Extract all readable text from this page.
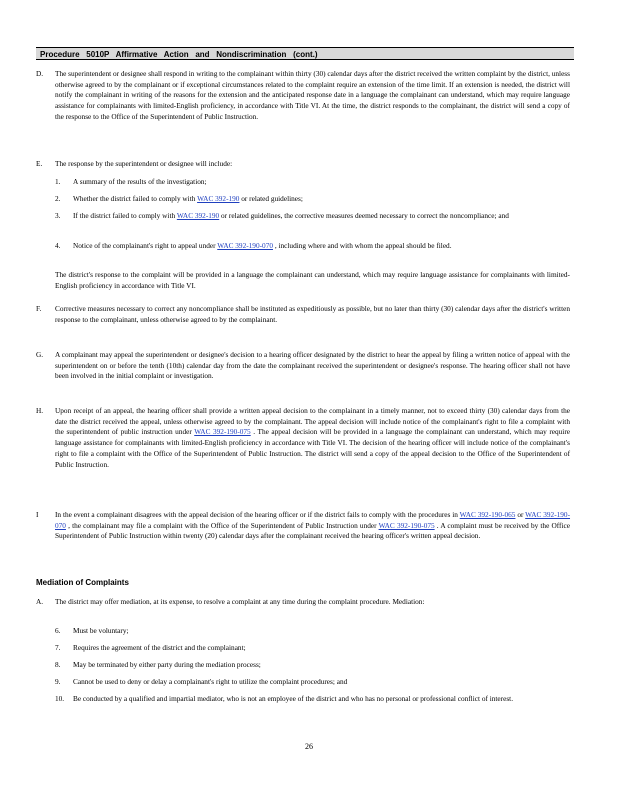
Procedure   5010P   Affirmative   Action   and   Nondiscrimination   (cont.)
D. The superintendent or designee shall respond in writing to the complainant within thirty (30) calendar days after the district received the written complaint by the district, unless otherwise agreed to by the complainant or if exceptional circumstances related to the complaint require an extension of the time limit. If an extension is needed, the district will notify the complainant in writing of the reasons for the extension and the anticipated response date in a language the complainant can understand, which may require language assistance for complainants with limited-English proficiency, in accordance with Title VI. At the time, the district responds to the complainant, the district will send a copy of the response to the Office of the Superintendent of Public Instruction.
E. The response by the superintendent or designee will include:
1. A summary of the results of the investigation;
2. Whether the district failed to comply with WAC 392-190 or related guidelines;
3. If the district failed to comply with WAC 392-190 or related guidelines, the corrective measures deemed necessary to correct the noncompliance; and
4. Notice of the complainant's right to appeal under WAC 392-190-070 , including where and with whom the appeal should be filed.
The district's response to the complaint will be provided in a language the complainant can understand, which may require language assistance for complainants with limited-English proficiency in accordance with Title VI.
F. Corrective measures necessary to correct any noncompliance shall be instituted as expeditiously as possible, but no later than thirty (30) calendar days after the district's written response to the complainant, unless otherwise agreed to by the complainant.
G. A complainant may appeal the superintendent or designee's decision to a hearing officer designated by the district to hear the appeal by filing a written notice of appeal with the superintendent on or before the tenth (10th) calendar day from the date the complainant received the superintendent or designee's response. The hearing officer shall not have been involved in the initial complaint or investigation.
H. Upon receipt of an appeal, the hearing officer shall provide a written appeal decision to the complainant in a timely manner, not to exceed thirty (30) calendar days from the date the district received the appeal, unless otherwise agreed to by the complainant. The appeal decision will include notice of the complainant's right to file a complaint with the superintendent of public instruction under WAC 392-190-075 . The appeal decision will be provided in a language the complainant can understand, which may require language assistance for complainants with limited-English proficiency in accordance with Title VI. The decision of the hearing officer will include notice of the complainant's right to file a complaint with the Office of the Superintendent of Public Instruction. The district will send a copy of the appeal decision to the Office of the Superintendent of Public Instruction.
I In the event a complainant disagrees with the appeal decision of the hearing officer or if the district fails to comply with the procedures in WAC 392-190-065 or WAC 392-190-070 , the complainant may file a complaint with the Office of the Superintendent of Public Instruction under WAC 392-190-075 . A complaint must be received by the Office Superintendent of Public Instruction within twenty (20) calendar days after the complainant received the hearing officer's written appeal decision.
Mediation of Complaints
A. The district may offer mediation, at its expense, to resolve a complaint at any time during the complaint procedure. Mediation:
6. Must be voluntary;
7. Requires the agreement of the district and the complainant;
8. May be terminated by either party during the mediation process;
9. Cannot be used to deny or delay a complainant's right to utilize the complaint procedures; and
10. Be conducted by a qualified and impartial mediator, who is not an employee of the district and who has no personal or professional conflict of interest.
26
